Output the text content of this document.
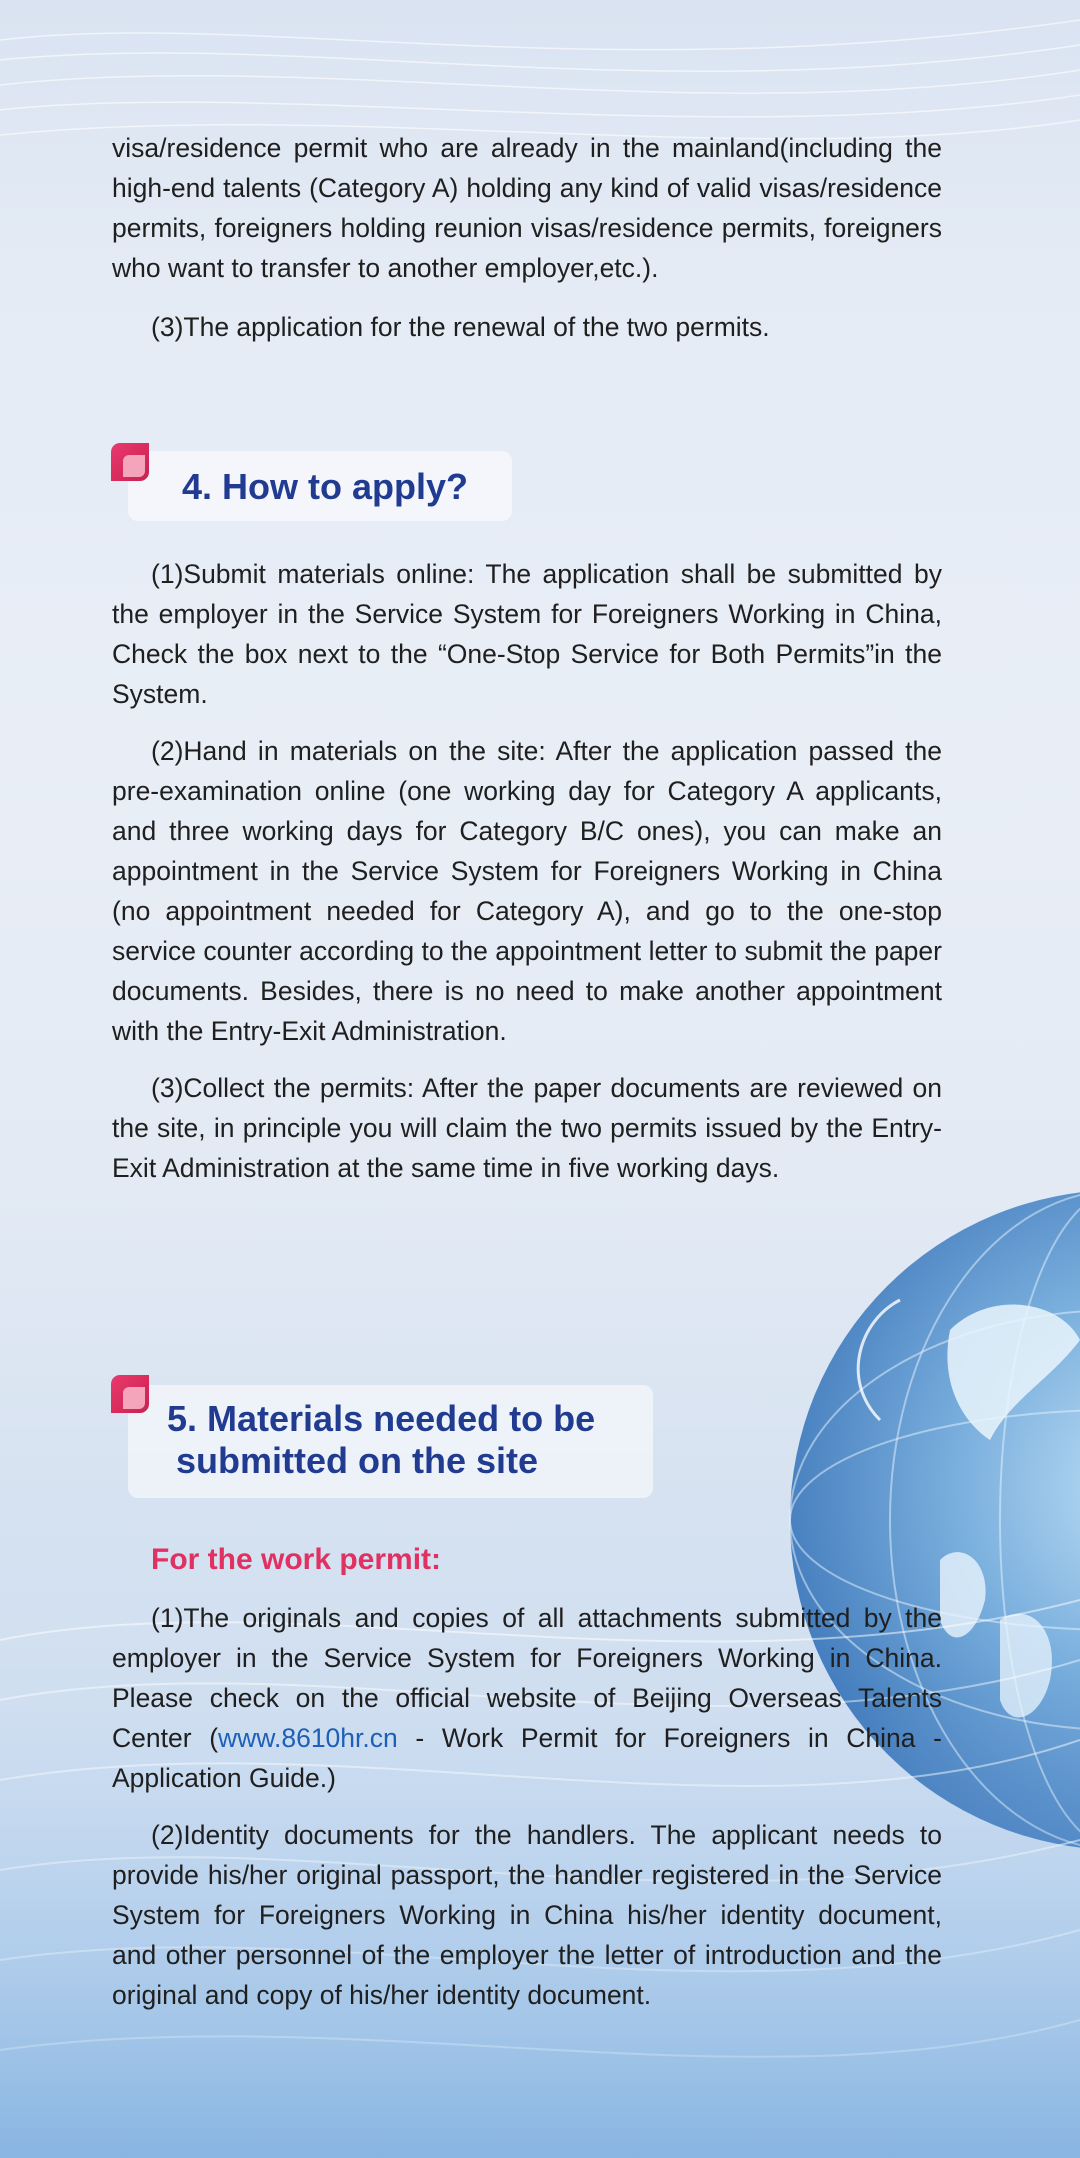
visa/residence permit who are already in the mainland(including the high-end talents (Category A) holding any kind of valid visas/residence permits, foreigners holding reunion visas/residence permits, foreigners who want to transfer to another employer,etc.).

(3)The application for the renewal of the two permits.

4. How to apply?

(1)Submit materials online: The application shall be submitted by the employer in the Service System for Foreigners Working in China, Check the box next to the “One-Stop Service for Both Permits”in the System.

(2)Hand in materials on the site: After the application passed the pre-examination online (one working day for Category A applicants, and three working days for Category B/C ones), you can make an appointment in the Service System for Foreigners Working in China (no appointment needed for Category A), and go to the one-stop service counter according to the appointment letter to submit the paper documents. Besides, there is no need to make another appointment with the Entry-Exit Administration.

(3)Collect the permits: After the paper documents are reviewed on the site, in principle you will claim the two permits issued by the Entry-Exit Administration at the same time in five working days.

5. Materials needed to be
submitted on the site
For the work permit:

(1)The originals and copies of all attachments submitted by the employer in the Service System for Foreigners Working in China. Please check on the official website of Beijing Overseas Talents Center (www.8610hr.cn - Work Permit for Foreigners in China - Application Guide.)

(2)Identity documents for the handlers. The applicant needs to provide his/her original passport, the handler registered in the Service System for Foreigners Working in China his/her identity document, and other personnel of the employer the letter of introduction and the original and copy of his/her identity document.
